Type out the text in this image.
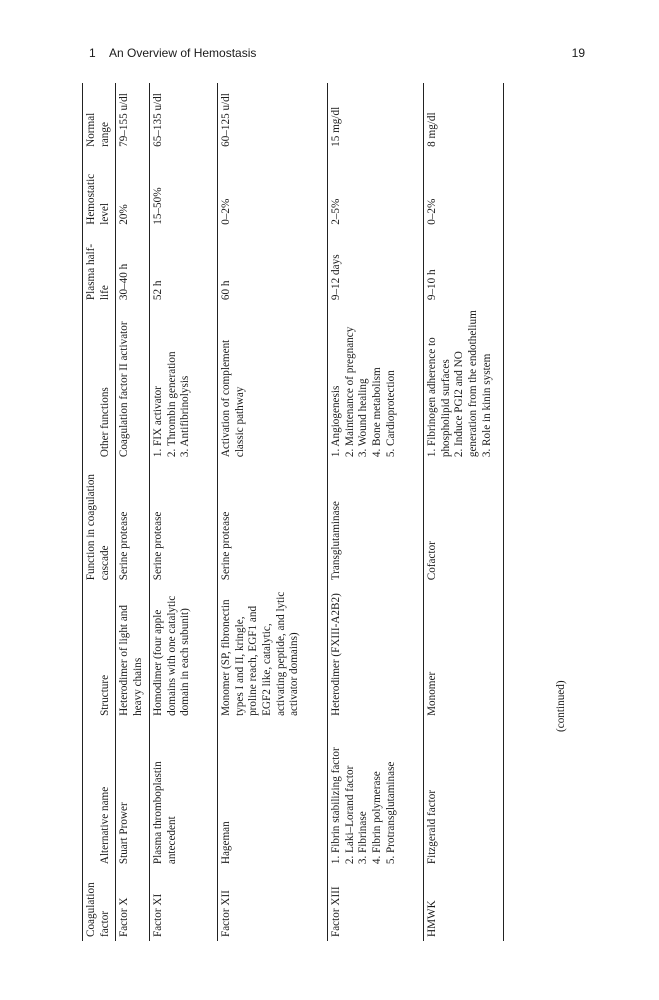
1 An Overview of Hemostasis	19
Coagulation factor	Alternative name	Structure	Function in coagulation cascade	Other functions	Plasma half-life	Hemostatic level	Normal range
Factor X	Stuart Prower	Heterodimer of light and heavy chains	Serine protease	Coagulation factor II activator	30–40 h	20%	79–155 u/dl
Factor XI	Plasma thromboplastin antecedent	Homodimer (four apple domains with one catalytic domain in each subunit)	Serine protease	1. FIX activator 2. Thrombin generation 3. Antifibrinolysis	52 h	15–50%	65–135 u/dl
Factor XII	Hageman	Monomer (SP, fibronectin types I and II, kringle, proline reach, EGF1 and EGF2 like, catalytic, activating peptide, and lytic activator domains)	Serine protease	Activation of complement classic pathway	60 h	0–2%	60–125 u/dl
Factor XIII	1. Fibrin stabilizing factor 2. Laki–Lorand factor 3. Fibrinase 4. Fibrin polymerase 5. Protransglutaminase	Heterodimer (FXIII-A2B2)	Transglutaminase	1. Angiogenesis 2. Maintenance of pregnancy 3. Wound healing 4. Bone metabolism 5. Cardioprotection	9–12 days	2–5%	15 mg/dl
HMWK	Fitzgerald factor	Monomer	Cofactor	1. Fibrinogen adherence to phospholipid surfaces 2. Induce PGI2 and NO generation from the endothelium 3. Role in kinin system	9–10 h	0–2%	8 mg/dl
(continued)
